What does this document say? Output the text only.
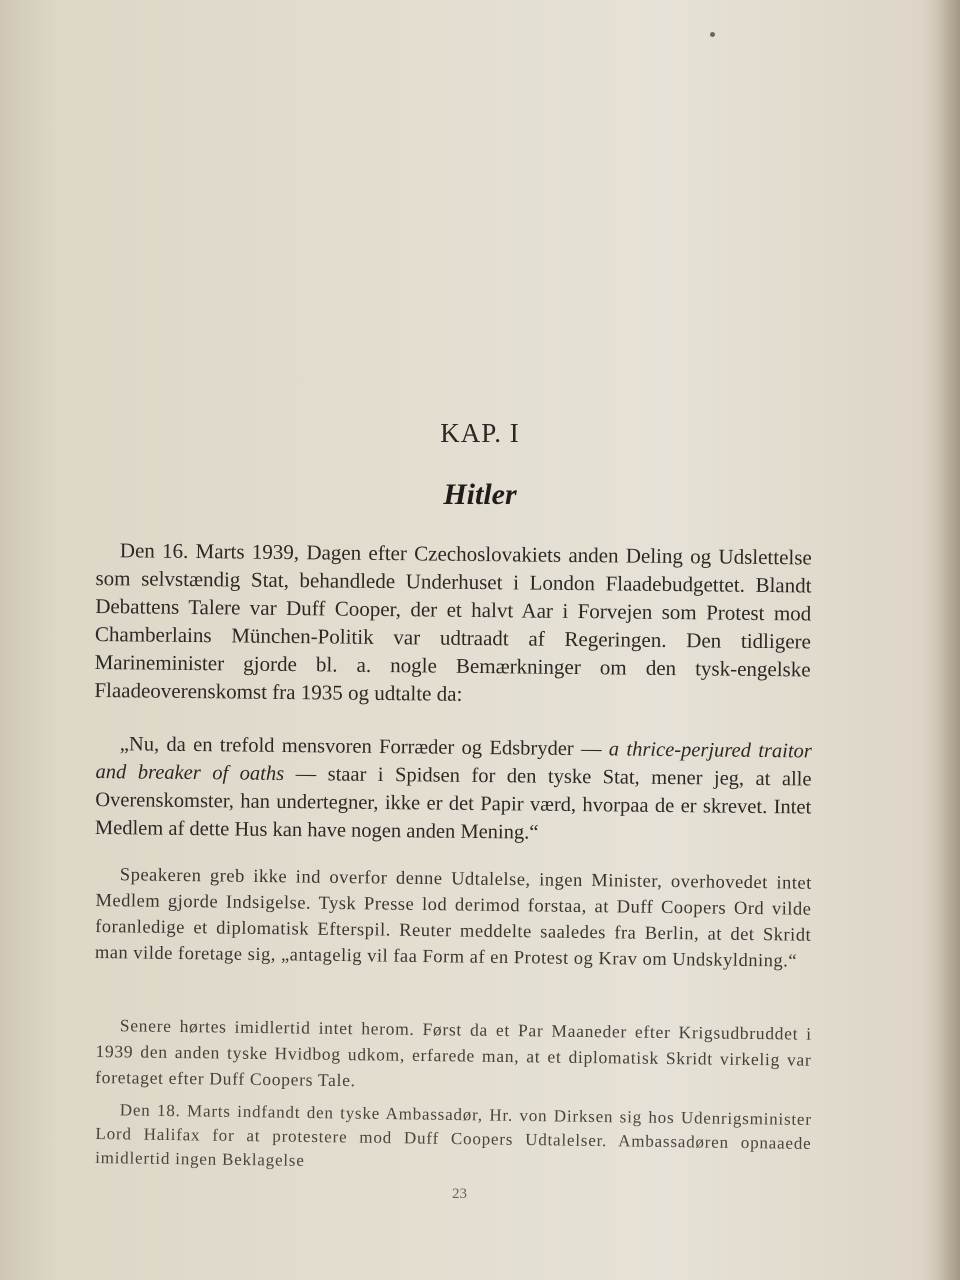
KAP. I
Hitler

Den 16. Marts 1939, Dagen efter Czechoslovakiets anden Deling og Udslettelse som selvstændig Stat, behandlede Underhuset i London Flaadebudgettet. Blandt Debattens Talere var Duff Cooper, der et halvt Aar i Forvejen som Protest mod Chamberlains München-Politik var udtraadt af Regeringen. Den tidligere Marineminister gjorde bl. a. nogle Bemærkninger om den tysk-engelske Flaadeoverenskomst fra 1935 og udtalte da:

„Nu, da en trefold mensvoren Forræder og Edsbryder — a thrice-perjured traitor and breaker of oaths — staar i Spidsen for den tyske Stat, mener jeg, at alle Overenskomster, han undertegner, ikke er det Papir værd, hvorpaa de er skrevet. Intet Medlem af dette Hus kan have nogen anden Mening.“

Speakeren greb ikke ind overfor denne Udtalelse, ingen Minister, overhovedet intet Medlem gjorde Indsigelse. Tysk Presse lod derimod forstaa, at Duff Coopers Ord vilde foranledige et diplomatisk Efterspil. Reuter meddelte saaledes fra Berlin, at det Skridt man vilde foretage sig, „antagelig vil faa Form af en Protest og Krav om Undskyldning.“

Senere hørtes imidlertid intet herom. Først da et Par Maaneder efter Krigsudbruddet i 1939 den anden tyske Hvidbog udkom, erfarede man, at et diplomatisk Skridt virkelig var foretaget efter Duff Coopers Tale.

Den 18. Marts indfandt den tyske Ambassadør, Hr. von Dirksen sig hos Udenrigsminister Lord Halifax for at protestere mod Duff Coopers Udtalelser. Ambassadøren opnaaede imidlertid ingen Beklagelse

23
